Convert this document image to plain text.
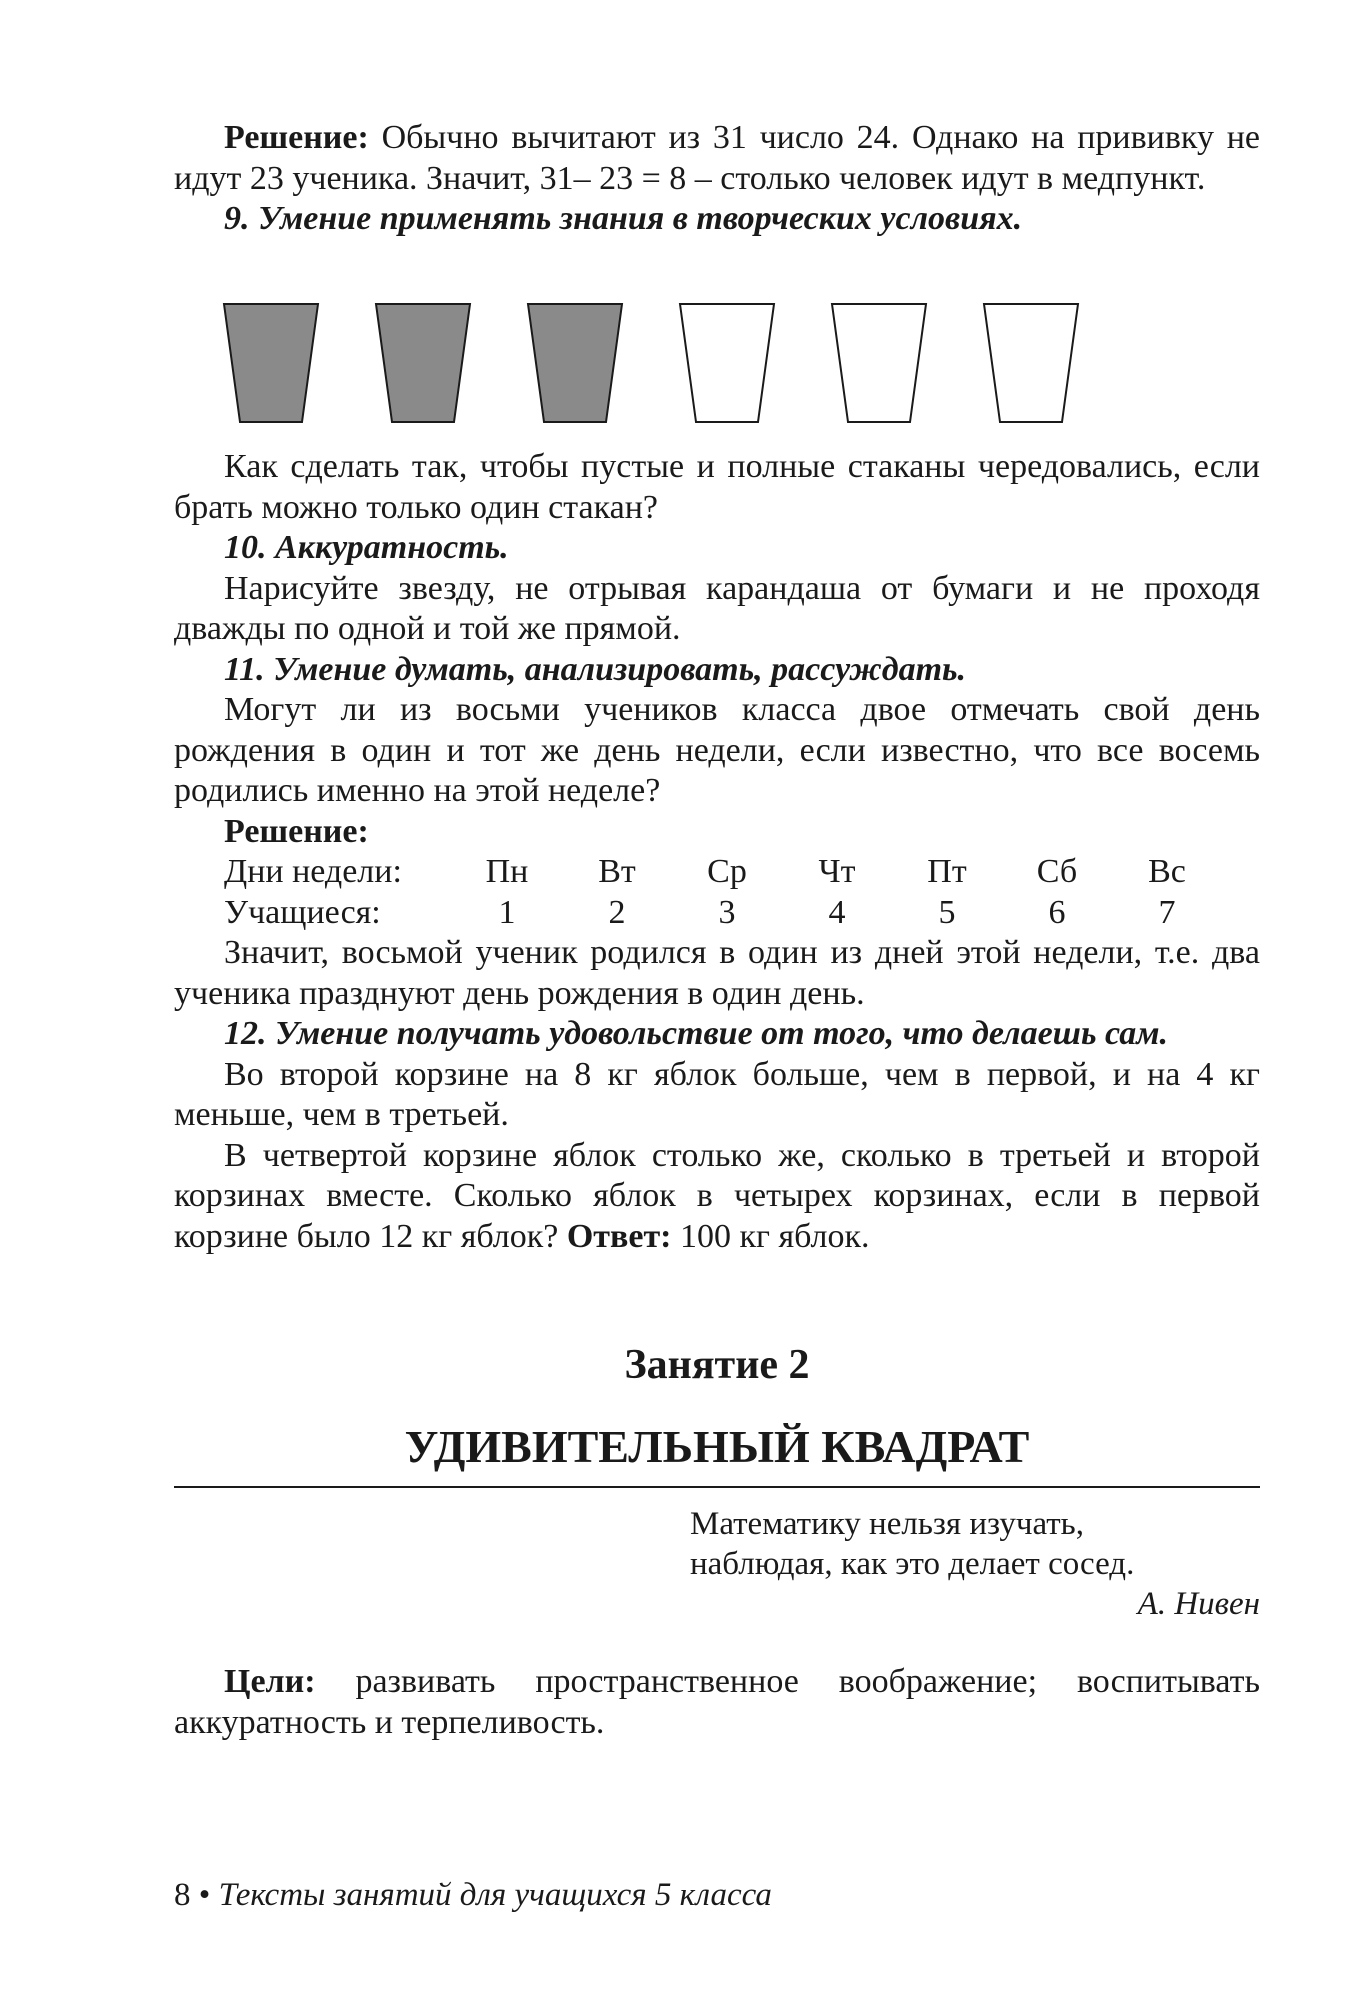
Решение: Обычно вычитают из 31 число 24. Однако на прививку не идут 23 ученика. Значит, 31– 23 = 8 – столько человек идут в медпункт.

9. Умение применять знания в творческих условиях.

Как сделать так, чтобы пустые и полные стаканы чередовались, если брать можно только один стакан?

10. Аккуратность.

Нарисуйте звезду, не отрывая карандаша от бумаги и не проходя дважды по одной и той же прямой.

11. Умение думать, анализировать, рассуждать.

Могут ли из восьми учеников класса двое отмечать свой день рождения в один и тот же день недели, если известно, что все восемь родились именно на этой неделе?

Решение:

Дни недели:	Пн	Вт	Ср	Чт	Пт	Сб	Вс
Учащиеся:	1	2	3	4	5	6	7

Значит, восьмой ученик родился в один из дней этой недели, т.е. два ученика празднуют день рождения в один день.

12. Умение получать удовольствие от того, что делаешь сам.

Во второй корзине на 8 кг яблок больше, чем в первой, и на 4 кг меньше, чем в третьей.

В четвертой корзине яблок столько же, сколько в третьей и второй корзинах вместе. Сколько яблок в четырех корзинах, если в первой корзине было 12 кг яблок? Ответ: 100 кг яблок.

Занятие 2
УДИВИТЕЛЬНЫЙ КВАДРАТ
Математику нельзя изучать,
наблюдая, как это делает сосед.
А. Нивен

Цели: развивать пространственное воображение; воспитывать аккуратность и терпеливость.

8 • Тексты занятий для учащихся 5 класса
